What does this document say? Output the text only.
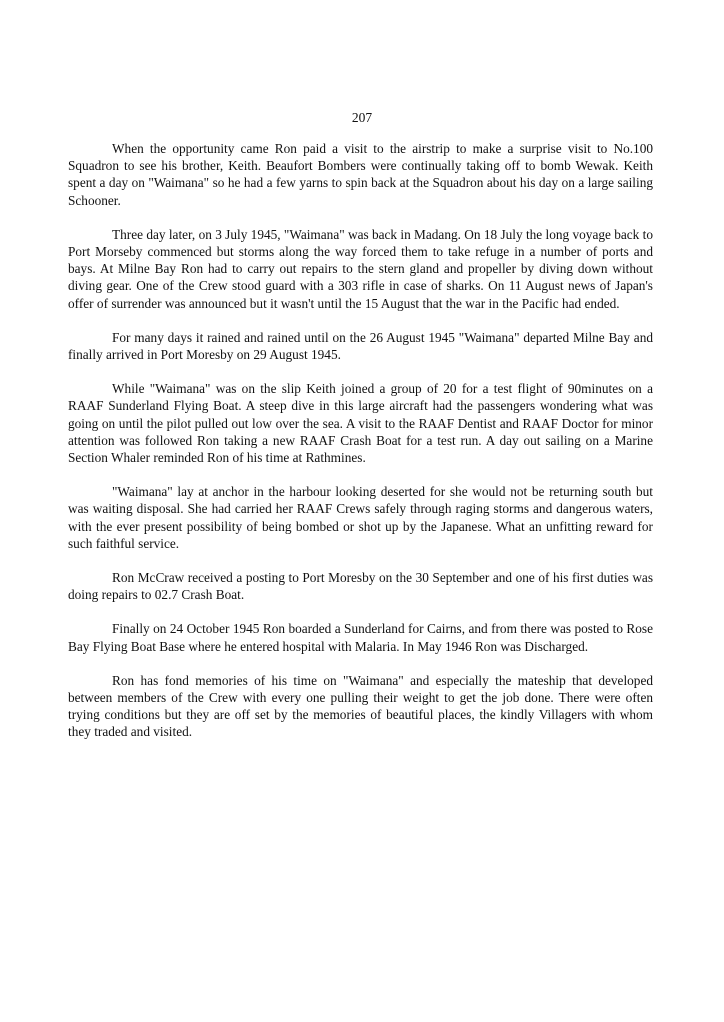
207

When the opportunity came Ron paid a visit to the airstrip to make a surprise visit to No.100 Squadron to see his brother, Keith. Beaufort Bombers were continually taking off to bomb Wewak. Keith spent a day on "Waimana" so he had a few yarns to spin back at the Squadron about his day on a large sailing Schooner.

Three day later, on 3 July 1945, "Waimana" was back in Madang. On 18 July the long voyage back to Port Morseby commenced but storms along the way forced them to take refuge in a number of ports and bays. At Milne Bay Ron had to carry out repairs to the stern gland and propeller by diving down without diving gear. One of the Crew stood guard with a 303 rifle in case of sharks. On 11 August news of Japan's offer of surrender was announced but it wasn't until the 15 August that the war in the Pacific had ended.

For many days it rained and rained until on the 26 August 1945 "Waimana" departed Milne Bay and finally arrived in Port Moresby on 29 August 1945.

While "Waimana" was on the slip Keith joined a group of 20 for a test flight of 90minutes on a RAAF Sunderland Flying Boat. A steep dive in this large aircraft had the passengers wondering what was going on until the pilot pulled out low over the sea. A visit to the RAAF Dentist and RAAF Doctor for minor attention was followed Ron taking a new RAAF Crash Boat for a test run. A day out sailing on a Marine Section Whaler reminded Ron of his time at Rathmines.

"Waimana" lay at anchor in the harbour looking deserted for she would not be returning south but was waiting disposal. She had carried her RAAF Crews safely through raging storms and dangerous waters, with the ever present possibility of being bombed or shot up by the Japanese. What an unfitting reward for such faithful service.

Ron McCraw received a posting to Port Moresby on the 30 September and one of his first duties was doing repairs to 02.7 Crash Boat.

Finally on 24 October 1945 Ron boarded a Sunderland for Cairns, and from there was posted to Rose Bay Flying Boat Base where he entered hospital with Malaria. In May 1946 Ron was Discharged.

Ron has fond memories of his time on "Waimana" and especially the mateship that developed between members of the Crew with every one pulling their weight to get the job done. There were often trying conditions but they are off set by the memories of beautiful places, the kindly Villagers with whom they traded and visited.
